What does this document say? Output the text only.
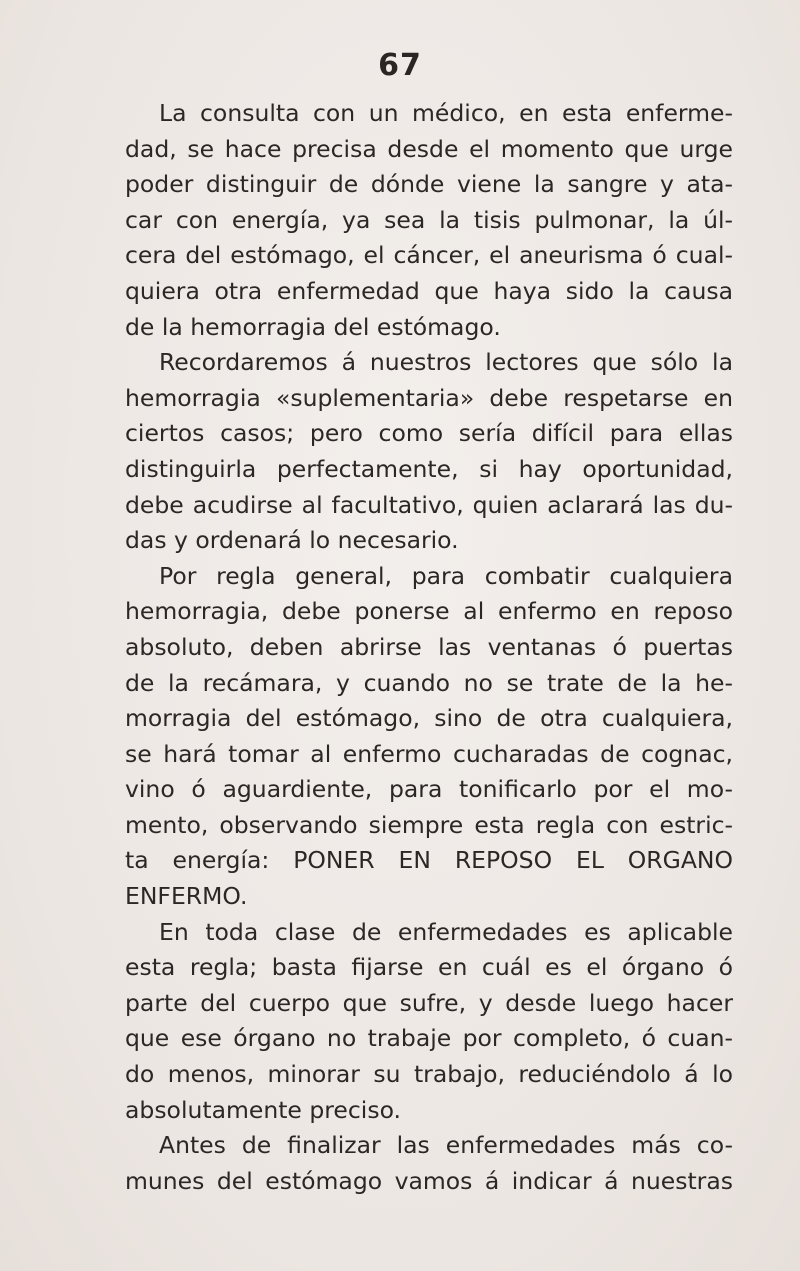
67
La consulta con un médico, en esta enferme-
dad, se hace precisa desde el momento que urge
poder distinguir de dónde viene la sangre y ata-
car con energía, ya sea la tisis pulmonar, la úl-
cera del estómago, el cáncer, el aneurisma ó cual-
quiera otra enfermedad que haya sido la causa
de la hemorragia del estómago.
Recordaremos á nuestros lectores que sólo la
hemorragia «suplementaria» debe respetarse en
ciertos casos; pero como sería difícil para ellas
distinguirla perfectamente, si hay oportunidad,
debe acudirse al facultativo, quien aclarará las du-
das y ordenará lo necesario.
Por regla general, para combatir cualquiera
hemorragia, debe ponerse al enfermo en reposo
absoluto, deben abrirse las ventanas ó puertas
de la recámara, y cuando no se trate de la he-
morragia del estómago, sino de otra cualquiera,
se hará tomar al enfermo cucharadas de cognac,
vino ó aguardiente, para tonificarlo por el mo-
mento, observando siempre esta regla con estric-
ta energía: PONER EN REPOSO EL ORGANO
ENFERMO.
En toda clase de enfermedades es aplicable
esta regla; basta fijarse en cuál es el órgano ó
parte del cuerpo que sufre, y desde luego hacer
que ese órgano no trabaje por completo, ó cuan-
do menos, minorar su trabajo, reduciéndolo á lo
absolutamente preciso.
Antes de finalizar las enfermedades más co-
munes del estómago vamos á indicar á nuestras
